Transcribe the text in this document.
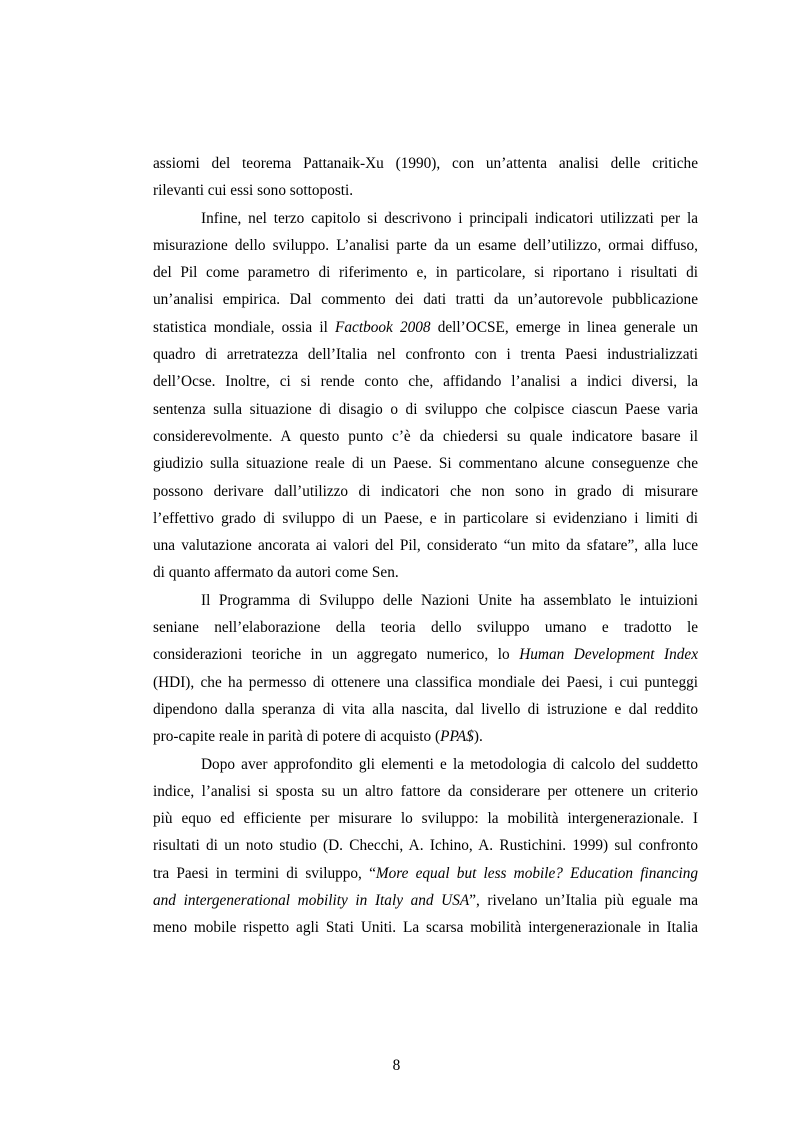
assiomi del teorema Pattanaik-Xu (1990), con un’attenta analisi delle critiche
rilevanti cui essi sono sottoposti.
Infine, nel terzo capitolo si descrivono i principali indicatori utilizzati per la
misurazione dello sviluppo. L’analisi parte da un esame dell’utilizzo, ormai diffuso,
del Pil come parametro di riferimento e, in particolare, si riportano i risultati di
un’analisi empirica. Dal commento dei dati tratti da un’autorevole pubblicazione
statistica mondiale, ossia il Factbook 2008 dell’OCSE, emerge in linea generale un
quadro di arretratezza dell’Italia nel confronto con i trenta Paesi industrializzati
dell’Ocse. Inoltre, ci si rende conto che, affidando l’analisi a indici diversi, la
sentenza sulla situazione di disagio o di sviluppo che colpisce ciascun Paese varia
considerevolmente. A questo punto c’è da chiedersi su quale indicatore basare il
giudizio sulla situazione reale di un Paese. Si commentano alcune conseguenze che
possono derivare dall’utilizzo di indicatori che non sono in grado di misurare
l’effettivo grado di sviluppo di un Paese, e in particolare si evidenziano i limiti di
una valutazione ancorata ai valori del Pil, considerato “un mito da sfatare”, alla luce
di quanto affermato da autori come Sen.
Il Programma di Sviluppo delle Nazioni Unite ha assemblato le intuizioni
seniane nell’elaborazione della teoria dello sviluppo umano e tradotto le
considerazioni teoriche in un aggregato numerico, lo Human Development Index
(HDI), che ha permesso di ottenere una classifica mondiale dei Paesi, i cui punteggi
dipendono dalla speranza di vita alla nascita, dal livello di istruzione e dal reddito
pro-capite reale in parità di potere di acquisto (PPA$).
Dopo aver approfondito gli elementi e la metodologia di calcolo del suddetto
indice, l’analisi si sposta su un altro fattore da considerare per ottenere un criterio
più equo ed efficiente per misurare lo sviluppo: la mobilità intergenerazionale. I
risultati di un noto studio (D. Checchi, A. Ichino, A. Rustichini. 1999) sul confronto
tra Paesi in termini di sviluppo, “More equal but less mobile? Education financing
and intergenerational mobility in Italy and USA”, rivelano un’Italia più eguale ma
meno mobile rispetto agli Stati Uniti. La scarsa mobilità intergenerazionale in Italia
8
